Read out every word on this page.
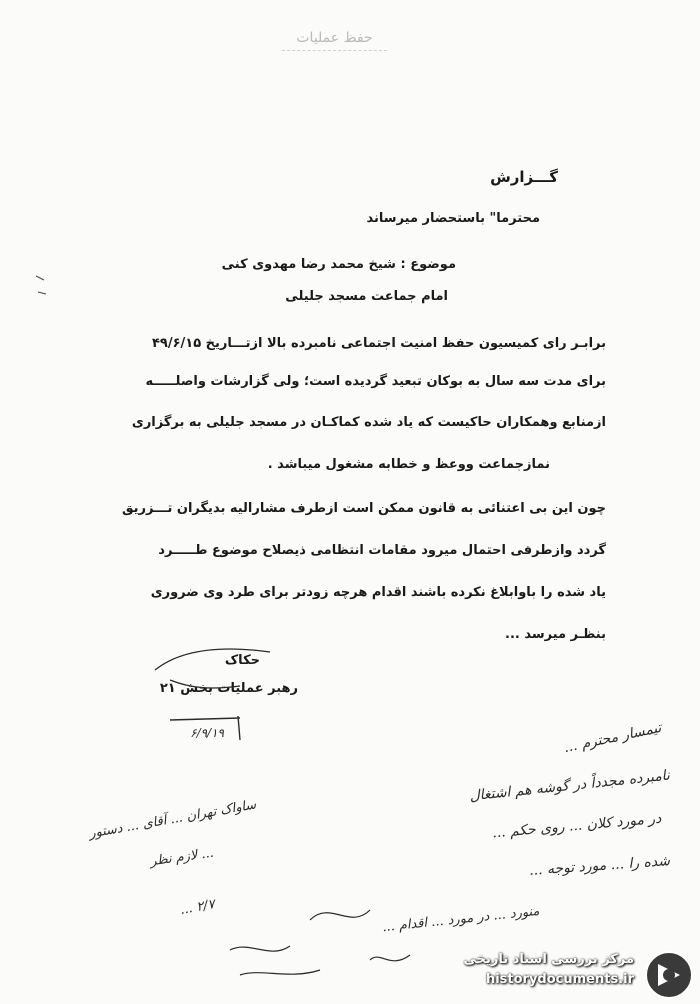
حفظ عملیات
گـــزارش
محترما" باستحضار میرساند
موضوع : شیخ محمد رضا مهدوی کنی
امام جماعت مسجد جلیلی
برابـر رای کمیسیون حفظ امنیت اجتماعی نامبرده بالا ازتـــاریخ ۴۹/۶/۱۵
برای مدت سه سال به بوکان تبعید گردیده است؛ ولی گزارشات واصلـــــه
ازمنابع وهمکاران حاکیست که یاد شده کماکـان در مسجد جلیلی به برگزاری
نمازجماعت ووعظ و خطابه مشغول میباشد .
چون این بی اعتنائی به قانون ممکن است ازطرف مشارالیه بدیگران تـــزریق
گردد وازطرفی احتمال میرود مقامات انتظامی ذیصلاح موضوع طـــــرد
یاد شده را باوابلاغ نکرده باشند اقدام هرچه زودتر برای طرد وی ضروری
بنظـر میرسد ...
حکاک
رهبر عملیات بخش ۲۱
۶/۹/۱۹	تیمسار محترم ...
نامبرده مجدداً در گوشه هم اشتغال
در مورد کلان ... روی حکم ...
شده را ... مورد توجه ...
منورد ... در مورد ... اقدام ...
ساواک تهران ... آقای ... دستور
... لازم نظر
۲/۷ ...
مرکز بررسی اسناد تاریخی
historydocuments.ir
